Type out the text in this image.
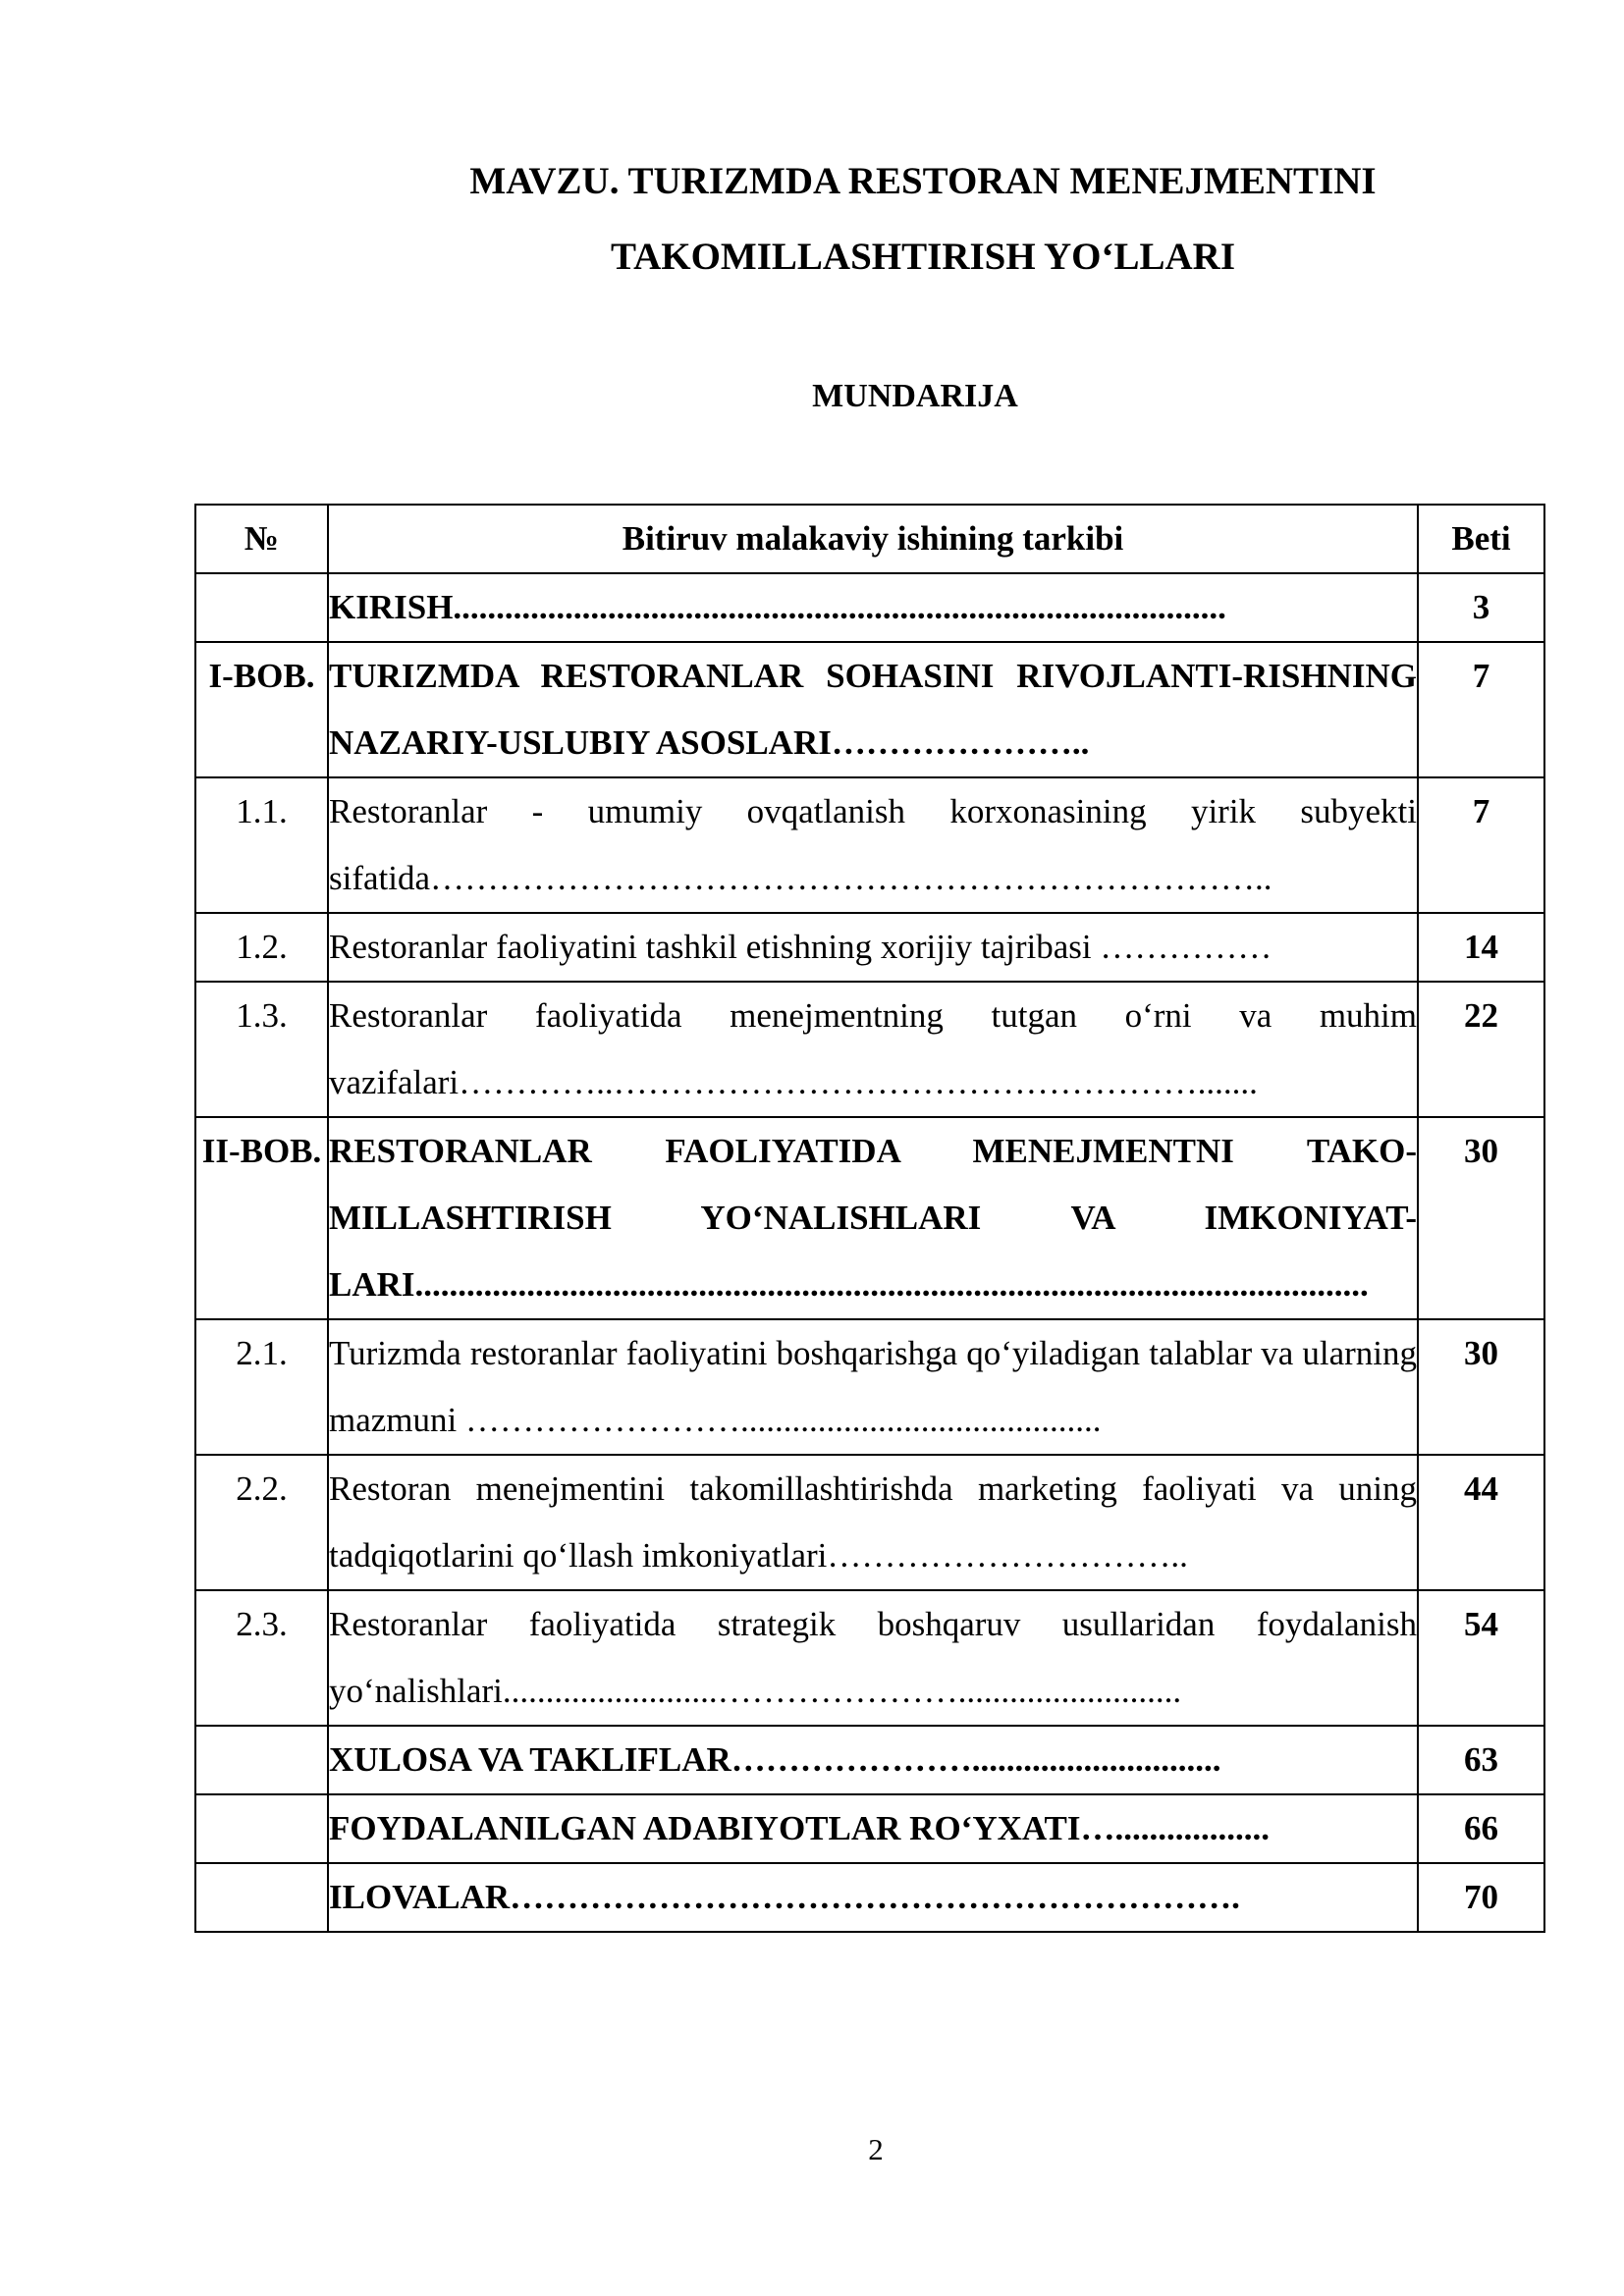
MAVZU. TURIZMDA RESTORAN MENEJMENTINI
TAKOMILLASHTIRISH YO‘LLARI
MUNDARIJA
№	Bitiruv malakaviy ishining tarkibi	Beti
	KIRISH..........................................................................................	3
I-BOB.	TURIZMDA RESTORANLAR SOHASINI RIVOJLANTI-RISHNING NAZARIY-USLUBIY ASOSLARI…………………..	7
1.1.	Restoranlar - umumiy ovqatlanish korxonasining yirik subyekti sifatida………………………………………………………………..	7
1.2.	Restoranlar faoliyatini tashkil etishning xorijiy tajribasi ……………	14
1.3.	Restoranlar faoliyatida menejmentning tutgan o‘rni va muhim vazifalari…………..…………………………………………….......	22
II-BOB.	RESTORANLAR FAOLIYATIDA MENEJMENTNI TAKO-MILLASHTIRISH YO‘NALISHLARI VA IMKONIYAT-LARI...............................................................................................................	30
2.1.	Turizmda restoranlar faoliyatini boshqarishga qo‘yiladigan talablar va ularning mazmuni ……………………..........................................	30
2.2.	Restoran menejmentini takomillashtirishda marketing faoliyati va uning tadqiqotlarini qo‘llash imkoniyatlari…………………………..	44
2.3.	Restoranlar faoliyatida strategik boshqaruv usullaridan foydalanish yo‘nalishlari.........................…………………..........................	54
	XULOSA VA TAKLIFLAR………………….............................	63
	FOYDALANILGAN ADABIYOTLAR RO‘YXATI…..................	66
	ILOVALAR……………………………………………………….	70
2
